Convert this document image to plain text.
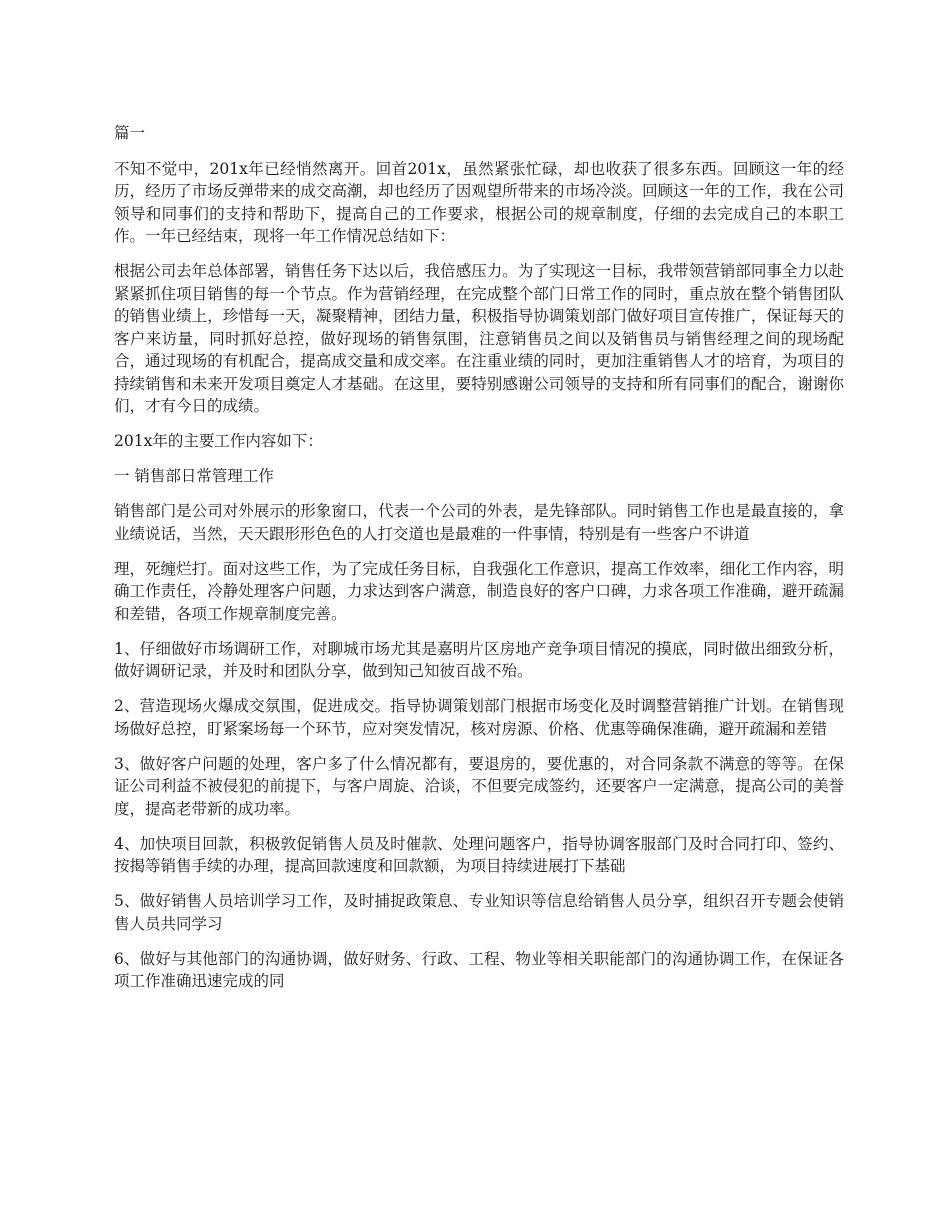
篇一

不知不觉中，201x年已经悄然离开。回首201x，虽然紧张忙碌，却也收获了很多东西。回顾这一年的经历，经历了市场反弹带来的成交高潮，却也经历了因观望所带来的市场冷淡。回顾这一年的工作，我在公司领导和同事们的支持和帮助下，提高自己的工作要求，根据公司的规章制度，仔细的去完成自己的本职工作。一年已经结束，现将一年工作情况总结如下：

根据公司去年总体部署，销售任务下达以后，我倍感压力。为了实现这一目标，我带领营销部同事全力以赴紧紧抓住项目销售的每一个节点。作为营销经理，在完成整个部门日常工作的同时，重点放在整个销售团队的销售业绩上，珍惜每一天，凝聚精神，团结力量，积极指导协调策划部门做好项目宣传推广，保证每天的客户来访量，同时抓好总控，做好现场的销售氛围，注意销售员之间以及销售员与销售经理之间的现场配合，通过现场的有机配合，提高成交量和成交率。在注重业绩的同时，更加注重销售人才的培育，为项目的持续销售和未来开发项目奠定人才基础。在这里，要特别感谢公司领导的支持和所有同事们的配合，谢谢你们，才有今日的成绩。

201x年的主要工作内容如下：

一 销售部日常管理工作

销售部门是公司对外展示的形象窗口，代表一个公司的外表，是先锋部队。同时销售工作也是最直接的，拿业绩说话，当然，天天跟形形色色的人打交道也是最难的一件事情，特别是有一些客户不讲道

理，死缠烂打。面对这些工作，为了完成任务目标，自我强化工作意识，提高工作效率，细化工作内容，明确工作责任，冷静处理客户问题，力求达到客户满意，制造良好的客户口碑，力求各项工作准确，避开疏漏和差错，各项工作规章制度完善。

1、仔细做好市场调研工作，对聊城市场尤其是嘉明片区房地产竞争项目情况的摸底，同时做出细致分析，做好调研记录，并及时和团队分享，做到知己知彼百战不殆。

2、营造现场火爆成交氛围，促进成交。指导协调策划部门根据市场变化及时调整营销推广计划。在销售现场做好总控，盯紧案场每一个环节，应对突发情况，核对房源、价格、优惠等确保准确，避开疏漏和差错

3、做好客户问题的处理，客户多了什么情况都有，要退房的，要优惠的，对合同条款不满意的等等。在保证公司利益不被侵犯的前提下，与客户周旋、洽谈，不但要完成签约，还要客户一定满意，提高公司的美誉度，提高老带新的成功率。

4、加快项目回款，积极敦促销售人员及时催款、处理问题客户，指导协调客服部门及时合同打印、签约、按揭等销售手续的办理，提高回款速度和回款额，为项目持续进展打下基础

5、做好销售人员培训学习工作，及时捕捉政策息、专业知识等信息给销售人员分享，组织召开专题会使销售人员共同学习

6、做好与其他部门的沟通协调，做好财务、行政、工程、物业等相关职能部门的沟通协调工作，在保证各项工作准确迅速完成的同
